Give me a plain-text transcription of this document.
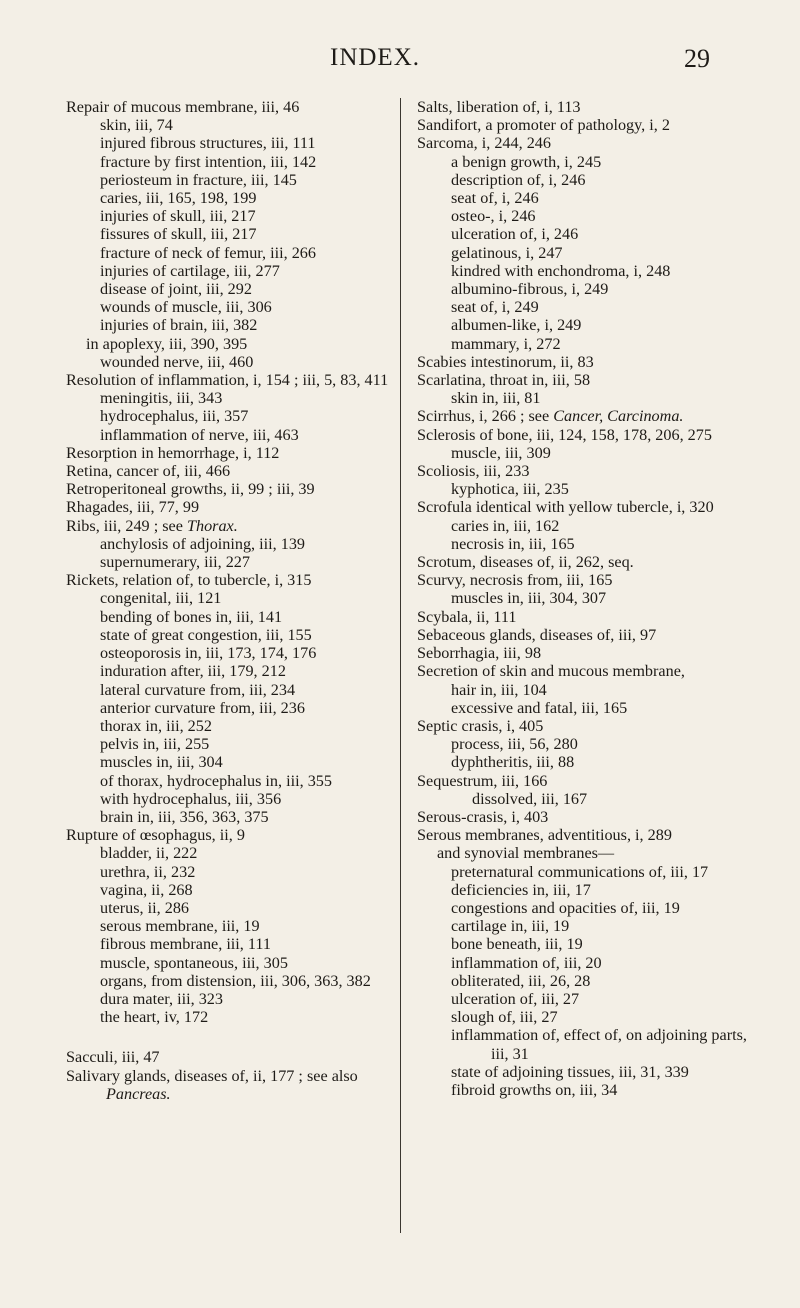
INDEX.	29
Repair of mucous membrane, iii, 46
skin, iii, 74
injured fibrous structures, iii, 111
fracture by first intention, iii, 142
periosteum in fracture, iii, 145
caries, iii, 165, 198, 199
injuries of skull, iii, 217
fissures of skull, iii, 217
fracture of neck of femur, iii, 266
injuries of cartilage, iii, 277
disease of joint, iii, 292
wounds of muscle, iii, 306
injuries of brain, iii, 382
in apoplexy, iii, 390, 395
wounded nerve, iii, 460
Resolution of inflammation, i, 154 ; iii, 5, 83, 411
meningitis, iii, 343
hydrocephalus, iii, 357
inflammation of nerve, iii, 463
Resorption in hemorrhage, i, 112
Retina, cancer of, iii, 466
Retroperitoneal growths, ii, 99 ; iii, 39
Rhagades, iii, 77, 99
Ribs, iii, 249 ; see Thorax.
anchylosis of adjoining, iii, 139
supernumerary, iii, 227
Rickets, relation of, to tubercle, i, 315
congenital, iii, 121
bending of bones in, iii, 141
state of great congestion, iii, 155
osteoporosis in, iii, 173, 174, 176
induration after, iii, 179, 212
lateral curvature from, iii, 234
anterior curvature from, iii, 236
thorax in, iii, 252
pelvis in, iii, 255
muscles in, iii, 304
of thorax, hydrocephalus in, iii, 355
with hydrocephalus, iii, 356
brain in, iii, 356, 363, 375
Rupture of œsophagus, ii, 9
bladder, ii, 222
urethra, ii, 232
vagina, ii, 268
uterus, ii, 286
serous membrane, iii, 19
fibrous membrane, iii, 111
muscle, spontaneous, iii, 305
organs, from distension, iii, 306, 363, 382
dura mater, iii, 323
the heart, iv, 172
Sacculi, iii, 47
Salivary glands, diseases of, ii, 177 ; see also Pancreas.
Salts, liberation of, i, 113
Sandifort, a promoter of pathology, i, 2
Sarcoma, i, 244, 246
a benign growth, i, 245
description of, i, 246
seat of, i, 246
osteo-, i, 246
ulceration of, i, 246
gelatinous, i, 247
kindred with enchondroma, i, 248
albumino-fibrous, i, 249
seat of, i, 249
albumen-like, i, 249
mammary, i, 272
Scabies intestinorum, ii, 83
Scarlatina, throat in, iii, 58
skin in, iii, 81
Scirrhus, i, 266 ; see Cancer, Carcinoma.
Sclerosis of bone, iii, 124, 158, 178, 206, 275
muscle, iii, 309
Scoliosis, iii, 233
kyphotica, iii, 235
Scrofula identical with yellow tubercle, i, 320
caries in, iii, 162
necrosis in, iii, 165
Scrotum, diseases of, ii, 262, seq.
Scurvy, necrosis from, iii, 165
muscles in, iii, 304, 307
Scybala, ii, 111
Sebaceous glands, diseases of, iii, 97
Seborrhagia, iii, 98
Secretion of skin and mucous membrane,
hair in, iii, 104
excessive and fatal, iii, 165
Septic crasis, i, 405
process, iii, 56, 280
dyphtheritis, iii, 88
Sequestrum, iii, 166
dissolved, iii, 167
Serous-crasis, i, 403
Serous membranes, adventitious, i, 289
and synovial membranes—
preternatural communications of, iii, 17
deficiencies in, iii, 17
congestions and opacities of, iii, 19
cartilage in, iii, 19
bone beneath, iii, 19
inflammation of, iii, 20
obliterated, iii, 26, 28
ulceration of, iii, 27
slough of, iii, 27
inflammation of, effect of, on adjoining parts, iii, 31
state of adjoining tissues, iii, 31, 339
fibroid growths on, iii, 34
